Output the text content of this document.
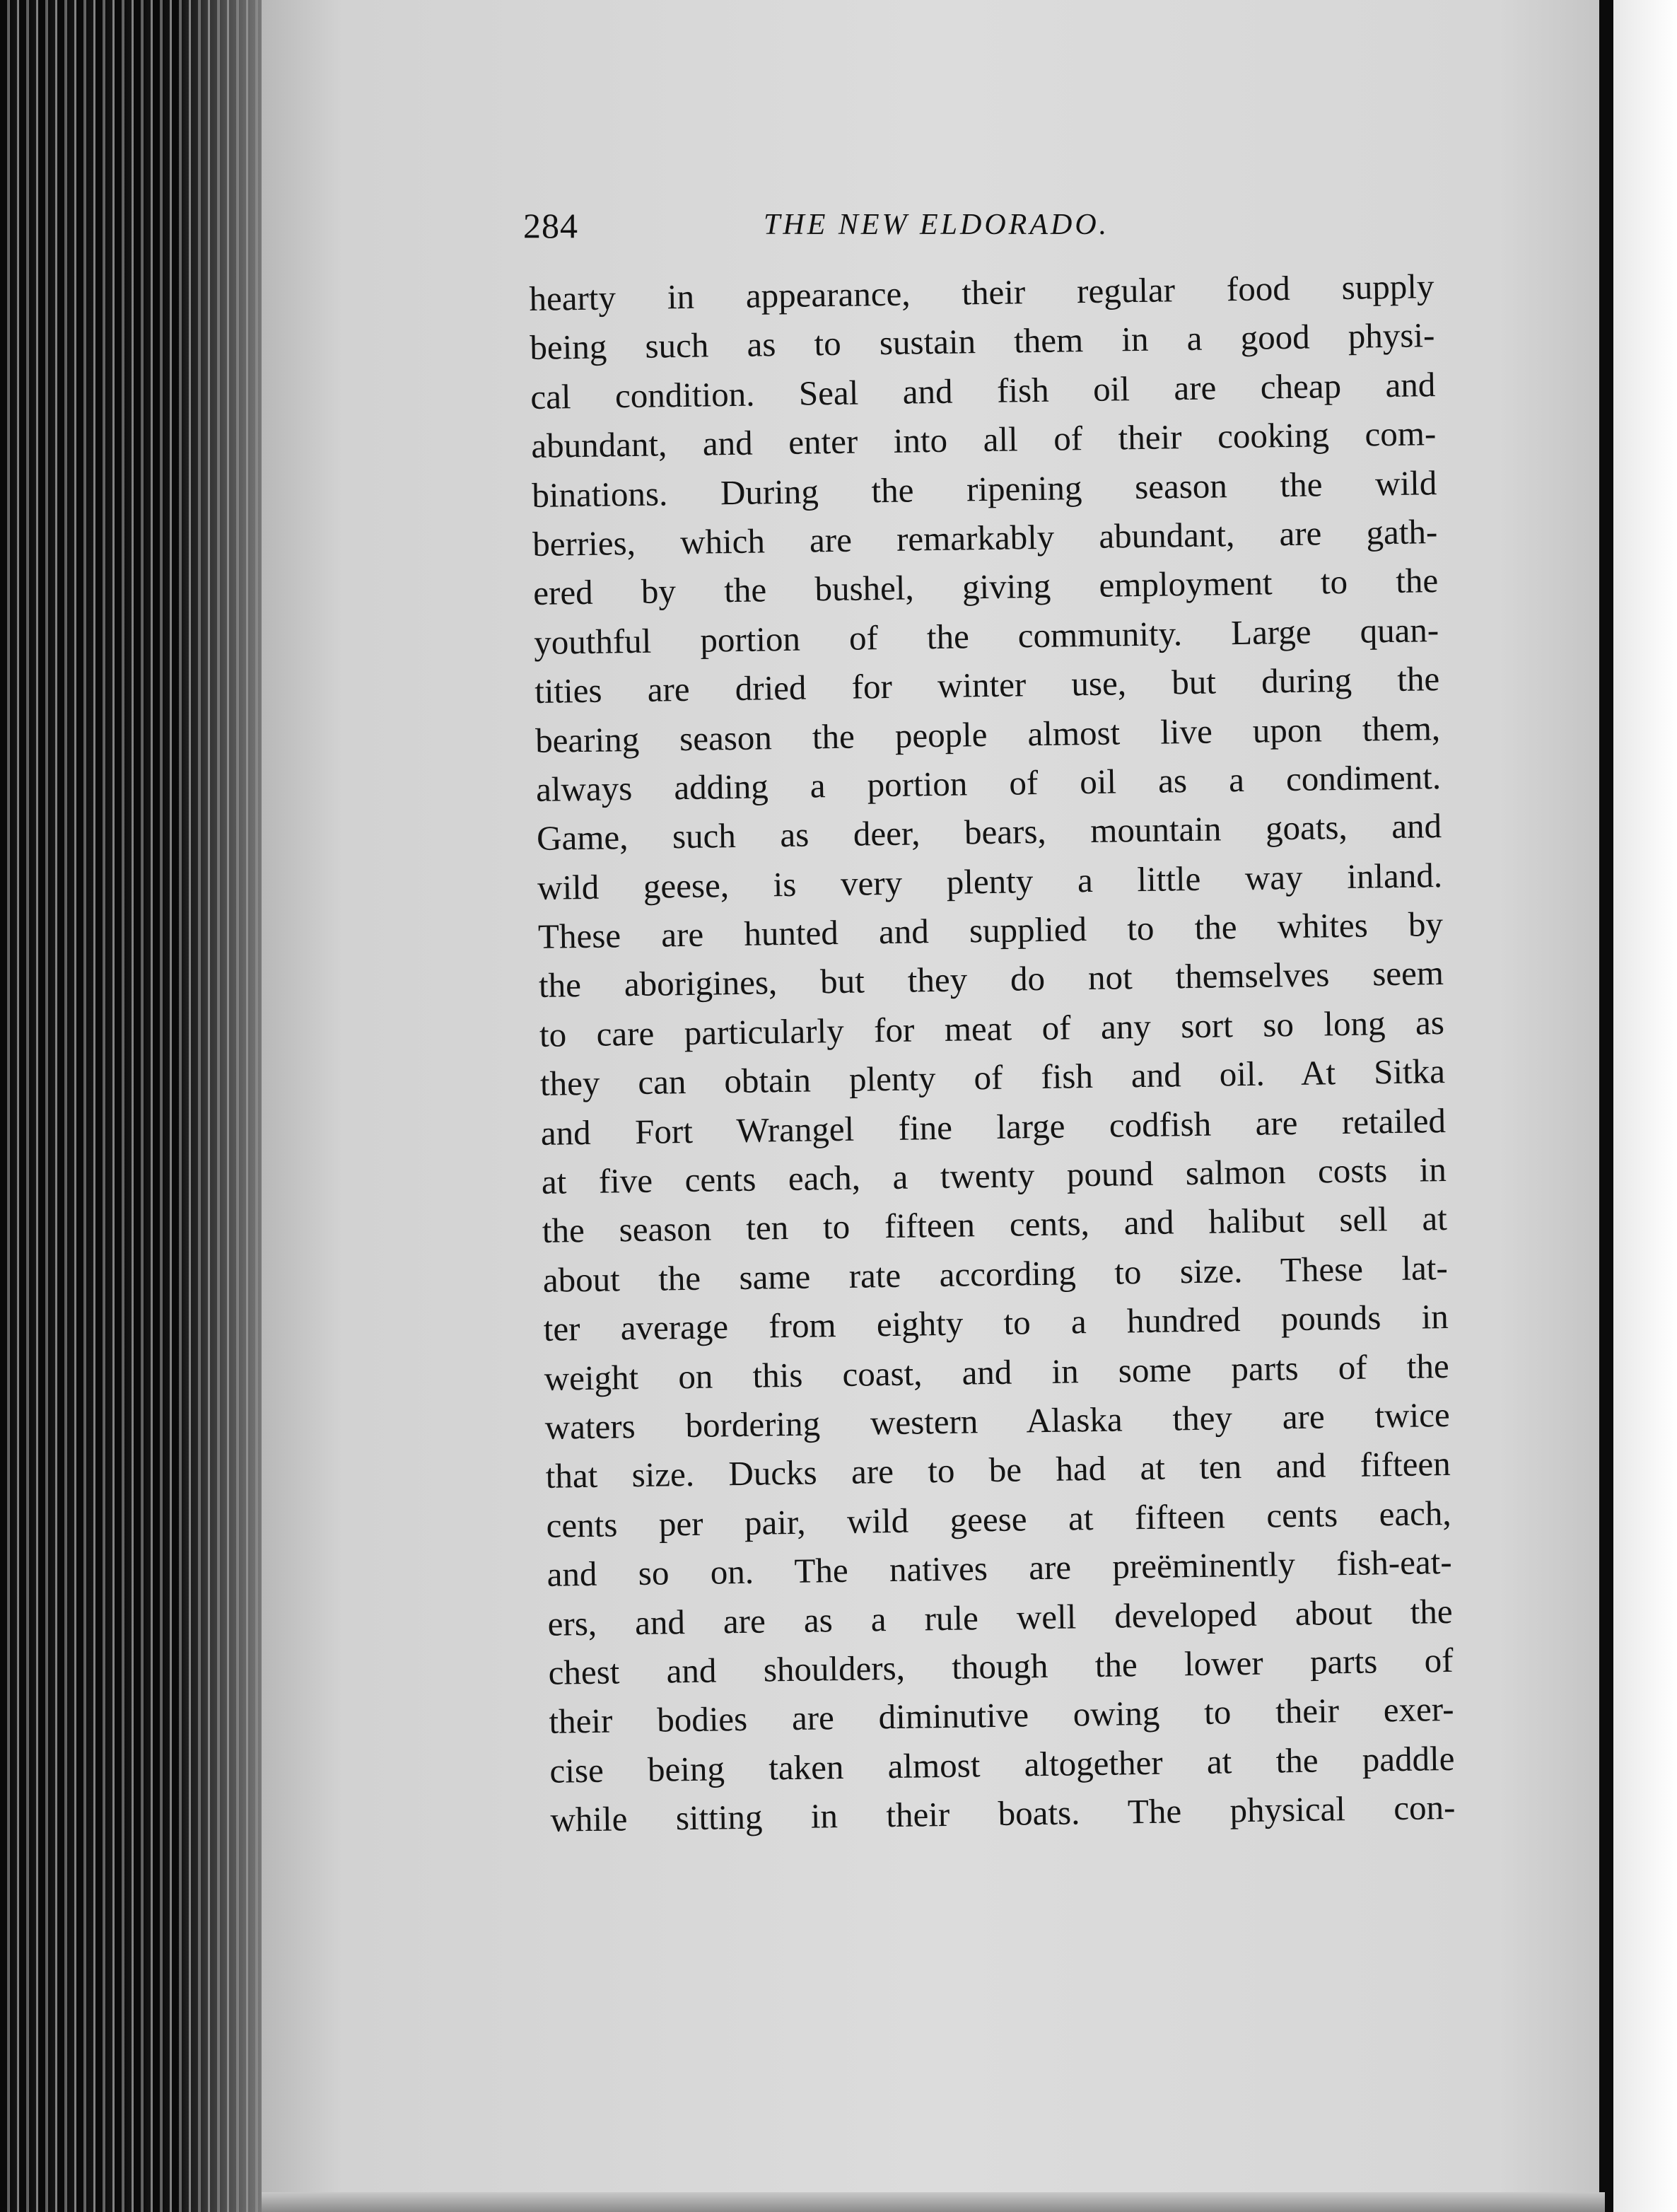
284	THE NEW ELDORADO.
hearty in appearance, their regular food supply
being such as to sustain them in a good physi-
cal condition. Seal and fish oil are cheap and
abundant, and enter into all of their cooking com-
binations. During the ripening season the wild
berries, which are remarkably abundant, are gath-
ered by the bushel, giving employment to the
youthful portion of the community. Large quan-
tities are dried for winter use, but during the
bearing season the people almost live upon them,
always adding a portion of oil as a condiment.
Game, such as deer, bears, mountain goats, and
wild geese, is very plenty a little way inland.
These are hunted and supplied to the whites by
the aborigines, but they do not themselves seem
to care particularly for meat of any sort so long as
they can obtain plenty of fish and oil. At Sitka
and Fort Wrangel fine large codfish are retailed
at five cents each, a twenty pound salmon costs in
the season ten to fifteen cents, and halibut sell at
about the same rate according to size. These lat-
ter average from eighty to a hundred pounds in
weight on this coast, and in some parts of the
waters bordering western Alaska they are twice
that size. Ducks are to be had at ten and fifteen
cents per pair, wild geese at fifteen cents each,
and so on. The natives are preëminently fish-eat-
ers, and are as a rule well developed about the
chest and shoulders, though the lower parts of
their bodies are diminutive owing to their exer-
cise being taken almost altogether at the paddle
while sitting in their boats. The physical con-
